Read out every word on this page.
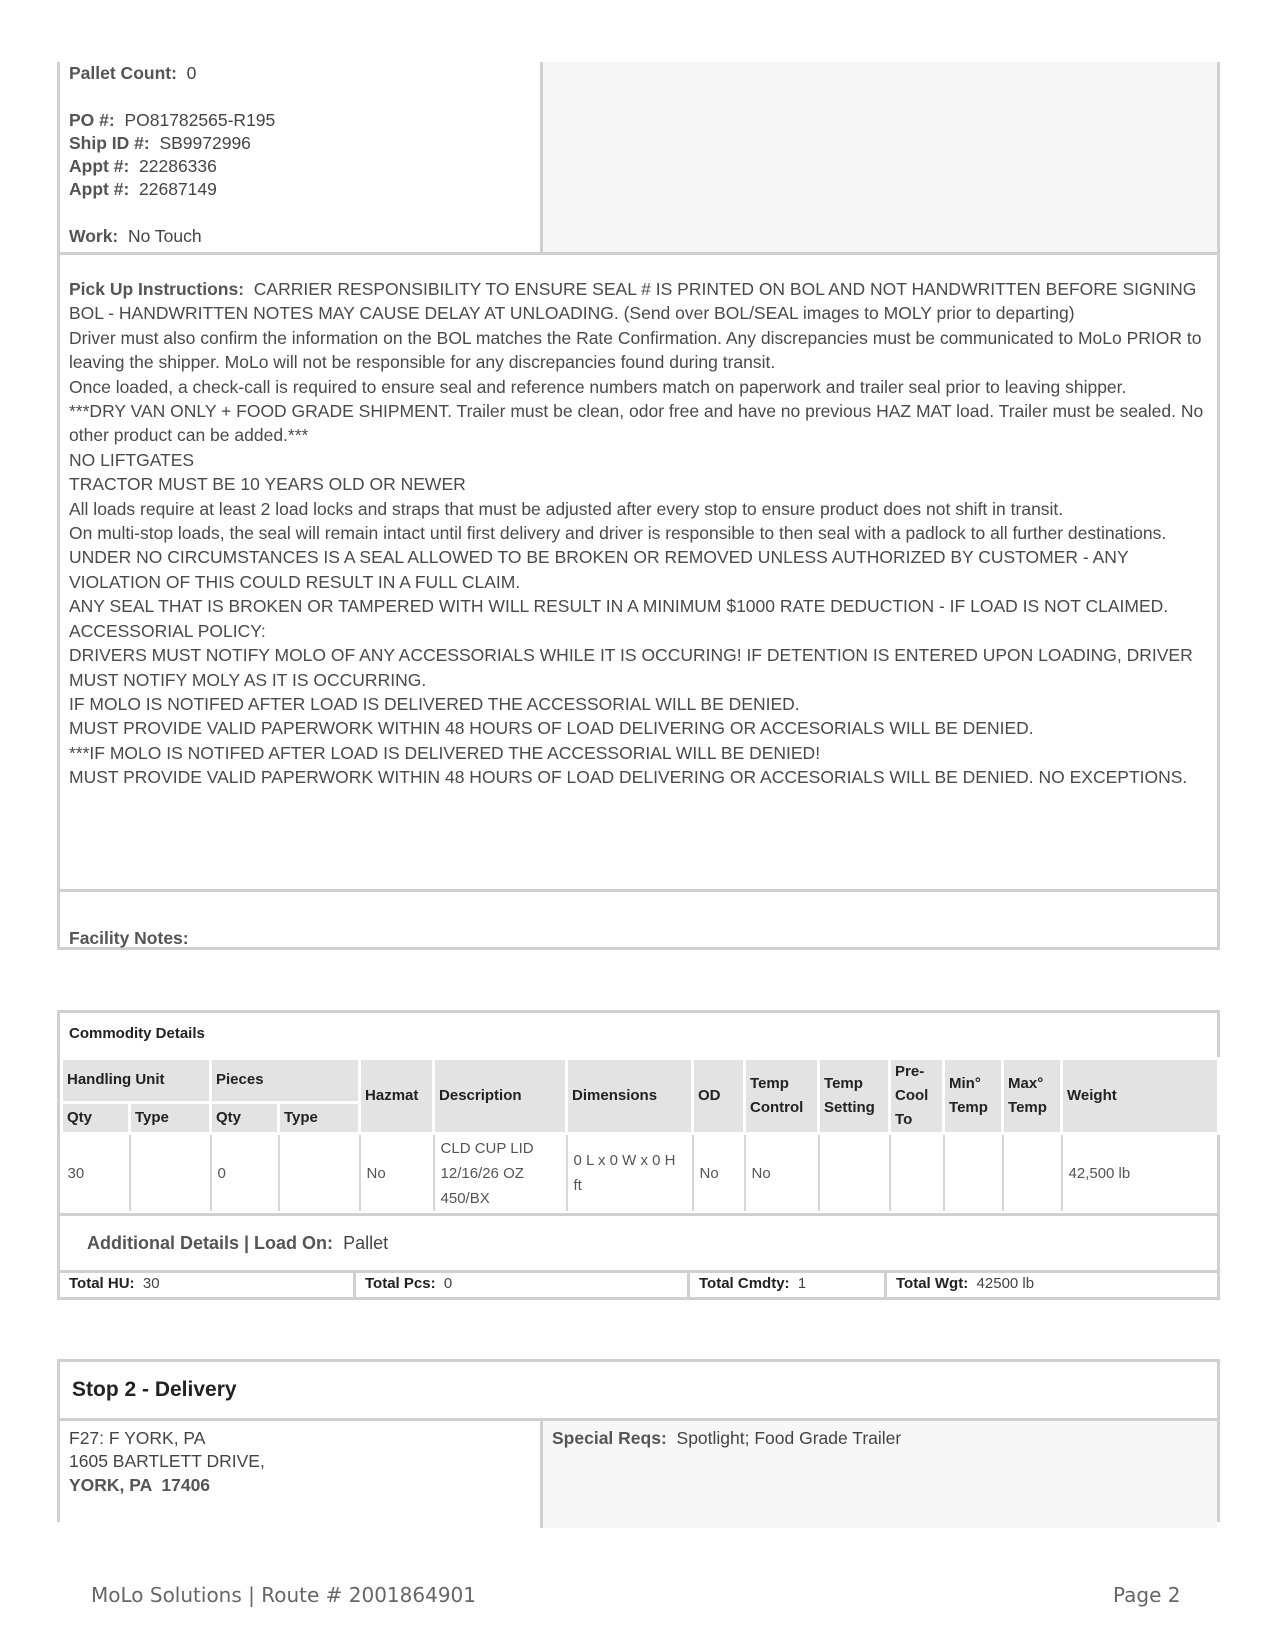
Pallet Count: 0
PO #: PO81782565-R195
Ship ID #: SB9972996
Appt #: 22286336
Appt #: 22687149
Work: No Touch
Pick Up Instructions: CARRIER RESPONSIBILITY TO ENSURE SEAL # IS PRINTED ON BOL AND NOT HANDWRITTEN BEFORE SIGNING BOL - HANDWRITTEN NOTES MAY CAUSE DELAY AT UNLOADING. (Send over BOL/SEAL images to MOLY prior to departing)
Driver must also confirm the information on the BOL matches the Rate Confirmation. Any discrepancies must be communicated to MoLo PRIOR to leaving the shipper. MoLo will not be responsible for any discrepancies found during transit.
Once loaded, a check-call is required to ensure seal and reference numbers match on paperwork and trailer seal prior to leaving shipper.
***DRY VAN ONLY + FOOD GRADE SHIPMENT. Trailer must be clean, odor free and have no previous HAZ MAT load. Trailer must be sealed. No other product can be added.***
NO LIFTGATES
TRACTOR MUST BE 10 YEARS OLD OR NEWER
All loads require at least 2 load locks and straps that must be adjusted after every stop to ensure product does not shift in transit.
On multi-stop loads, the seal will remain intact until first delivery and driver is responsible to then seal with a padlock to all further destinations.
UNDER NO CIRCUMSTANCES IS A SEAL ALLOWED TO BE BROKEN OR REMOVED UNLESS AUTHORIZED BY CUSTOMER - ANY VIOLATION OF THIS COULD RESULT IN A FULL CLAIM.
ANY SEAL THAT IS BROKEN OR TAMPERED WITH WILL RESULT IN A MINIMUM $1000 RATE DEDUCTION - IF LOAD IS NOT CLAIMED.
ACCESSORIAL POLICY:
DRIVERS MUST NOTIFY MOLO OF ANY ACCESSORIALS WHILE IT IS OCCURING! IF DETENTION IS ENTERED UPON LOADING, DRIVER MUST NOTIFY MOLY AS IT IS OCCURRING.
IF MOLO IS NOTIFED AFTER LOAD IS DELIVERED THE ACCESSORIAL WILL BE DENIED.
MUST PROVIDE VALID PAPERWORK WITHIN 48 HOURS OF LOAD DELIVERING OR ACCESORIALS WILL BE DENIED.
***IF MOLO IS NOTIFED AFTER LOAD IS DELIVERED THE ACCESSORIAL WILL BE DENIED!
MUST PROVIDE VALID PAPERWORK WITHIN 48 HOURS OF LOAD DELIVERING OR ACCESORIALS WILL BE DENIED. NO EXCEPTIONS.
Facility Notes:
Commodity Details
Handling Unit		Pieces		Hazmat	Description	Dimensions	OD	Temp Control	Temp Setting	Pre-Cool To	Min° Temp	Max° Temp	Weight
Qty	Type	Qty	Type										
30		0		No	CLD CUP LID 12/16/26 OZ 450/BX	0 L x 0 W x 0 H ft	No	No					42,500 lb
Additional Details | Load On: Pallet
Total HU: 30	Total Pcs: 0	Total Cmdty: 1	Total Wgt: 42500 lb
Stop 2 - Delivery
F27: F YORK, PA
1605 BARTLETT DRIVE,
YORK, PA  17406
Special Reqs: Spotlight; Food Grade Trailer
MoLo Solutions | Route # 2001864901	Page 2
